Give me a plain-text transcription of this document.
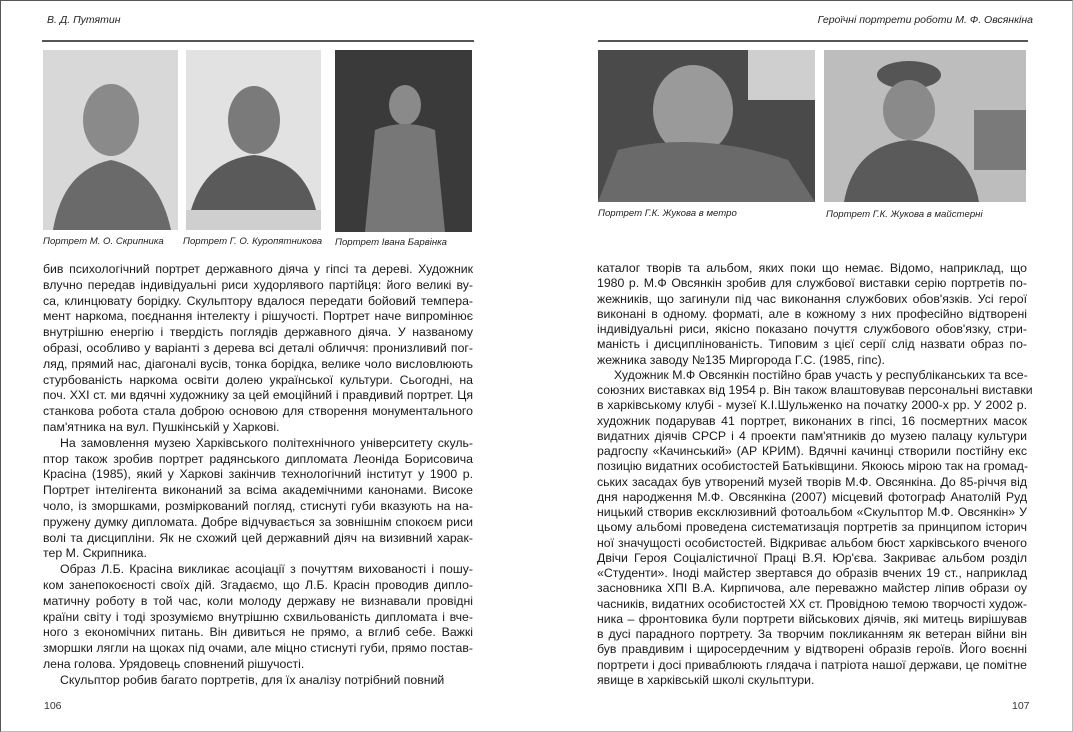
В. Д. Путятин
Портрет М. О. Скрипника Портрет Г. О. Куропятникова Портрет Івана Барвінка
бив психологічний портрет державного діяча у гіпсі та дереві. Художник
влучно передав індивідуальні риси худорлявого партійця: його великі ву-
са, клинцювату борідку. Скульптору вдалося передати бойовий темпера-
мент наркома, поєднання інтелекту і рішучості. Портрет наче випромінює
внутрішню енергію і твердість поглядів державного діяча. У названому
образі, особливо у варіанті з дерева всі деталі обличчя: пронизливий пог-
ляд, прямий нас, діагоналі вусів, тонка борідка, велике чоло висловлюють
стурбованість наркома освіти долею української культури. Сьогодні, на
поч. XXI ст. ми вдячні художнику за цей емоційний і правдивий портрет. Ця
станкова робота стала доброю основою для створення монументального
пам'ятника на вул. Пушкінській у Харкові.
На замовлення музею Харківського політехнічного університету скуль-
птор також зробив портрет радянського дипломата Леоніда Борисовича
Красіна (1985), який у Харкові закінчив технологічний інститут у 1900 р.
Портрет інтелігента виконаний за всіма академічними канонами. Високе
чоло, із зморшками, розміркований погляд, стиснуті губи вказують на на-
пружену думку дипломата. Добре відчувається за зовнішнім спокоєм риси
волі та дисципліни. Як не схожий цей державний діяч на визивний харак-
тер М. Скрипника.
Образ Л.Б. Красіна викликає асоціації з почуттям вихованості і пошу-
ком занепокоєності своїх дій. Згадаємо, що Л.Б. Красін проводив дипло-
матичну роботу в той час, коли молоду державу не визнавали провідні
країни світу і тоді зрозуміємо внутрішню схвильованість дипломата і вче-
ного з економічних питань. Він дивиться не прямо, а вглиб себе. Важкі
зморшки лягли на щоках під очами, але міцно стиснуті губи, прямо постав-
лена голова. Урядовець сповнений рішучості.
Скульптор робив багато портретів, для їх аналізу потрібний повний
106
Героїчні портрети роботи М. Ф. Овсянкіна
Портрет Г.К. Жукова в метро	Портрет Г.К. Жукова в майстерні
каталог творів та альбом, яких поки що немає. Відомо, наприклад, що
1980 р. М.Ф Овсянкін зробив для службової виставки серію портретів по-
жежників, що загинули під час виконання службових обов'язків. Усі герої
виконані в одному. форматі, але в кожному з них професійно відтворені
індивідуальні риси, якісно показано почуття службового обов'язку, стри-
маність і дисциплінованість. Типовим з цієї серії слід назвати образ по-
жежника заводу №135 Миргорода Г.С. (1985, гіпс).
Художник М.Ф Овсянкін постійно брав участь у республіканських та все-
союзних виставках від 1954 р. Він також влаштовував персональні виставки
в харківському клубі - музеї К.І.Шульженко на початку 2000-х рр. У 2002 р.
художник подарував 41 портрет, виконаних в гіпсі, 16 посмертних масок
видатних діячів СРСР і 4 проекти пам'ятників до музею палацу культури
радгоспу «Качинський» (АР КРИМ). Вдячні качинці створили постійну екс
позицію видатних особистостей Батьківщини. Якоюсь мірою так на громад-
ських засадах був утворений музей творів М.Ф. Овсянкіна. До 85-річчя від
дня народження М.Ф. Овсянкіна (2007) місцевий фотограф Анатолій Руд
ницький створив ексклюзивний фотоальбом «Скульптор М.Ф. Овсянкін» У
цьому альбомі проведена систематизація портретів за принципом історич
ної значущості особистостей. Відкриває альбом бюст харківського вченого
Двічи Героя Соціалістичної Праці В.Я. Юр'єва. Закриває альбом розділ
«Студенти». Іноді майстер звертався до образів вчених 19 ст., наприклад
засновника ХПІ В.А. Кирпичова, але переважно майстер ліпив образи оу
часників, видатних особистостей XX ст. Провідною темою творчості худож-
ника – фронтовика були портрети військових діячів, які митець вирішував
в дусі парадного портрету. За творчим покликанням як ветеран війни він
був правдивим і щиросердечним у відтворені образів героїв. Його воєнні
портрети і досі приваблюють глядача і патріота нашої держави, це помітне
явище в харківській школі скульптури.
107
